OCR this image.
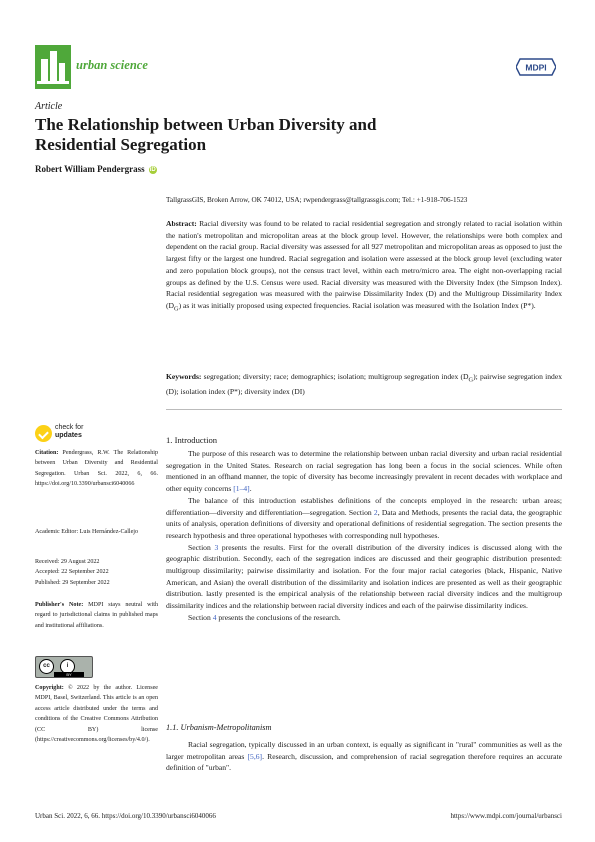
urban science	MDPI
Article
The Relationship between Urban Diversity and Residential Segregation
Robert William Pendergrass iD
TallgrassGIS, Broken Arrow, OK 74012, USA; rwpendergrass@tallgrassgis.com; Tel.: +1-918-706-1523
Abstract: Racial diversity was found to be related to racial residential segregation and strongly related to racial isolation within the nation's metropolitan and micropolitan areas at the block group level. However, the relationships were both complex and dependent on the racial group. Racial diversity was assessed for all 927 metropolitan and micropolitan areas as opposed to just the largest fifty or the largest one hundred. Racial segregation and isolation were assessed at the block group level (excluding water and zero population block groups), not the census tract level, within each metro/micro area. The eight non-overlapping racial groups as defined by the U.S. Census were used. Racial diversity was measured with the Diversity Index (the Simpson Index). Racial residential segregation was measured with the pairwise Dissimilarity Index (D) and the Multigroup Dissimilarity Index $(D_G)$ as it was initially proposed using expected frequencies. Racial isolation was measured with the Isolation Index (P*).
Keywords: segregation; diversity; race; demographics; isolation; multigroup segregation index $(D_G)$; pairwise segregation index (D); isolation index (P*); diversity index (DI)
check for
updates
Citation: Pendergrass, R.W. The Relationship between Urban Diversity and Residential Segregation. Urban Sci. 2022, 6, 66. https://doi.org/10.3390/urbansci6040066
Academic Editor: Luis Hernández-Callejo
Received: 29 August 2022
Accepted: 22 September 2022
Published: 29 September 2022
Publisher's Note: MDPI stays neutral with regard to jurisdictional claims in published maps and institutional affiliations.
cc	i
BY
Copyright: © 2022 by the author. Licensee MDPI, Basel, Switzerland. This article is an open access article distributed under the terms and conditions of the Creative Commons Attribution (CC BY) license (https://creativecommons.org/licenses/by/4.0/).
1. Introduction

The purpose of this research was to determine the relationship between unban racial diversity and urban racial residential segregation in the United States. Research on racial segregation has long been a focus in the social sciences. While often mentioned in an offhand manner, the topic of diversity has become increasingly prevalent in recent decades with workplace and other equity concerns [1–4].

The balance of this introduction establishes definitions of the concepts employed in the research: urban areas; differentiation—diversity and differentiation—segregation. Section 2, Data and Methods, presents the racial data, the geographic units of analysis, operation definitions of diversity and operational definitions of residential segregation. The section presents the research hypothesis and three operational hypotheses with corresponding null hypotheses.

Section 3 presents the results. First for the overall distribution of the diversity indices is discussed along with the geographic distribution. Secondly, each of the segregation indices are discussed and their geographic distribution presented: multigroup dissimilarity; pairwise dissimilarity and isolation. For the four major racial categories (black, Hispanic, Native American, and Asian) the overall distribution of the dissimilarity and isolation indices are presented as well as their geographic distribution. lastly presented is the empirical analysis of the relationship between racial diversity indices and the multigroup dissimilarity indices and the relationship between racial diversity indices and each of the pairwise dissimilarity indices.

Section 4 presents the conclusions of the research.

1.1. Urbanism-Metropolitanism

Racial segregation, typically discussed in an urban context, is equally as significant in "rural" communities as well as the larger metropolitan areas [5,6]. Research, discussion, and comprehension of racial segregation therefore requires an accurate definition of "urban".

Urban Sci. 2022, 6, 66. https://doi.org/10.3390/urbansci6040066	https://www.mdpi.com/journal/urbansci
